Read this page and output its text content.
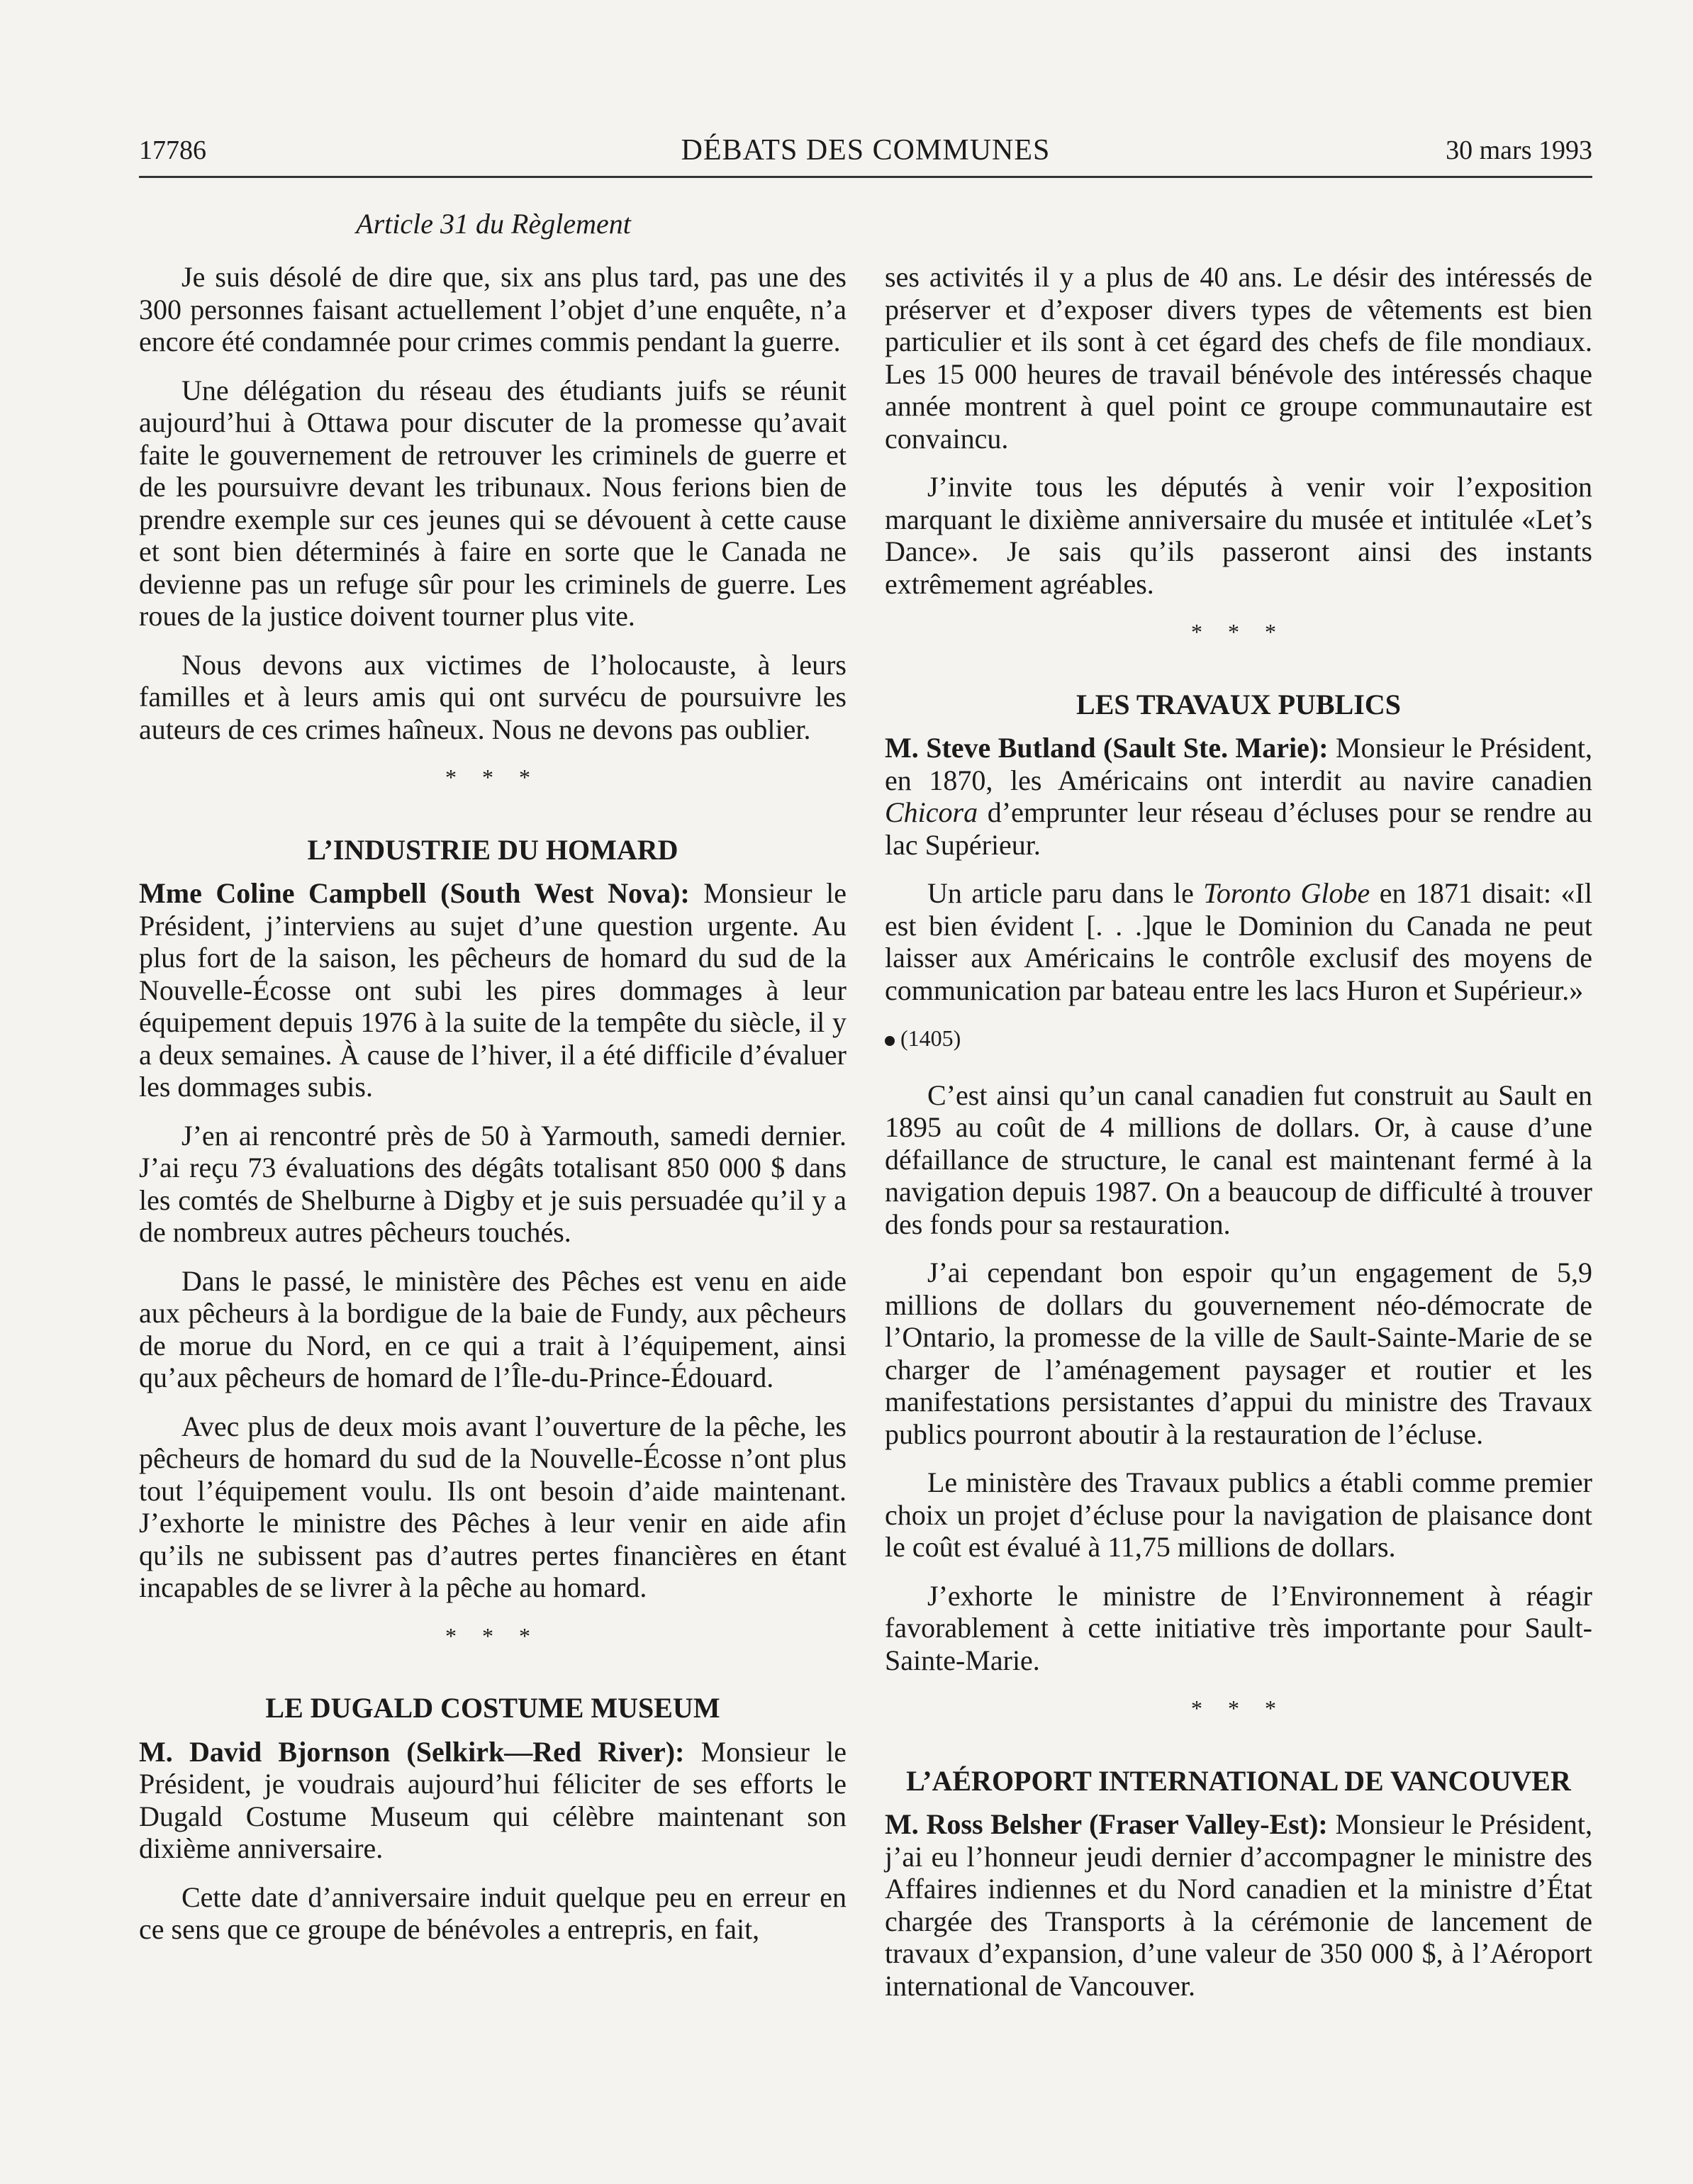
17786	DÉBATS DES COMMUNES	30 mars 1993
Article 31 du Règlement

Je suis désolé de dire que, six ans plus tard, pas une des 300 personnes faisant actuellement l’objet d’une enquête, n’a encore été condamnée pour crimes commis pendant la guerre.

Une délégation du réseau des étudiants juifs se réunit aujourd’hui à Ottawa pour discuter de la promesse qu’avait faite le gouvernement de retrouver les criminels de guerre et de les poursuivre devant les tribunaux. Nous ferions bien de prendre exemple sur ces jeunes qui se dévouent à cette cause et sont bien déterminés à faire en sorte que le Canada ne devienne pas un refuge sûr pour les criminels de guerre. Les roues de la justice doivent tourner plus vite.

Nous devons aux victimes de l’holocauste, à leurs familles et à leurs amis qui ont survécu de poursuivre les auteurs de ces crimes haîneux. Nous ne devons pas oublier.

* * *
L’INDUSTRIE DU HOMARD

Mme Coline Campbell (South West Nova): Monsieur le Président, j’interviens au sujet d’une question urgente. Au plus fort de la saison, les pêcheurs de homard du sud de la Nouvelle-Écosse ont subi les pires dommages à leur équipement depuis 1976 à la suite de la tempête du siècle, il y a deux semaines. À cause de l’hiver, il a été difficile d’évaluer les dommages subis.

J’en ai rencontré près de 50 à Yarmouth, samedi dernier. J’ai reçu 73 évaluations des dégâts totalisant 850 000 $ dans les comtés de Shelburne à Digby et je suis persuadée qu’il y a de nombreux autres pêcheurs touchés.

Dans le passé, le ministère des Pêches est venu en aide aux pêcheurs à la bordigue de la baie de Fundy, aux pêcheurs de morue du Nord, en ce qui a trait à l’équipement, ainsi qu’aux pêcheurs de homard de l’Île-du-Prince-Édouard.

Avec plus de deux mois avant l’ouverture de la pêche, les pêcheurs de homard du sud de la Nouvelle-Écosse n’ont plus tout l’équipement voulu. Ils ont besoin d’aide maintenant. J’exhorte le ministre des Pêches à leur venir en aide afin qu’ils ne subissent pas d’autres pertes financières en étant incapables de se livrer à la pêche au homard.

* * *
LE DUGALD COSTUME MUSEUM

M. David Bjornson (Selkirk—Red River): Monsieur le Président, je voudrais aujourd’hui féliciter de ses efforts le Dugald Costume Museum qui célèbre maintenant son dixième anniversaire.

Cette date d’anniversaire induit quelque peu en erreur en ce sens que ce groupe de bénévoles a entrepris, en fait,

ses activités il y a plus de 40 ans. Le désir des intéressés de préserver et d’exposer divers types de vêtements est bien particulier et ils sont à cet égard des chefs de file mondiaux. Les 15 000 heures de travail bénévole des intéressés chaque année montrent à quel point ce groupe communautaire est convaincu.

J’invite tous les députés à venir voir l’exposition marquant le dixième anniversaire du musée et intitulée «Let’s Dance». Je sais qu’ils passeront ainsi des instants extrêmement agréables.

* * *
LES TRAVAUX PUBLICS

M. Steve Butland (Sault Ste. Marie): Monsieur le Président, en 1870, les Américains ont interdit au navire canadien Chicora d’emprunter leur réseau d’écluses pour se rendre au lac Supérieur.

Un article paru dans le Toronto Globe en 1871 disait: «Il est bien évident [. . .]que le Dominion du Canada ne peut laisser aux Américains le contrôle exclusif des moyens de communication par bateau entre les lacs Huron et Supérieur.»

(1405)

C’est ainsi qu’un canal canadien fut construit au Sault en 1895 au coût de 4 millions de dollars. Or, à cause d’une défaillance de structure, le canal est maintenant fermé à la navigation depuis 1987. On a beaucoup de difficulté à trouver des fonds pour sa restauration.

J’ai cependant bon espoir qu’un engagement de 5,9 millions de dollars du gouvernement néo-démocrate de l’Ontario, la promesse de la ville de Sault-Sainte-Marie de se charger de l’aménagement paysager et routier et les manifestations persistantes d’appui du ministre des Travaux publics pourront aboutir à la restauration de l’écluse.

Le ministère des Travaux publics a établi comme premier choix un projet d’écluse pour la navigation de plaisance dont le coût est évalué à 11,75 millions de dollars.

J’exhorte le ministre de l’Environnement à réagir favorablement à cette initiative très importante pour Sault-Sainte-Marie.

* * *
L’AÉROPORT INTERNATIONAL DE VANCOUVER

M. Ross Belsher (Fraser Valley-Est): Monsieur le Président, j’ai eu l’honneur jeudi dernier d’accompagner le ministre des Affaires indiennes et du Nord canadien et la ministre d’État chargée des Transports à la cérémonie de lancement de travaux d’expansion, d’une valeur de 350 000 $, à l’Aéroport international de Vancouver.
